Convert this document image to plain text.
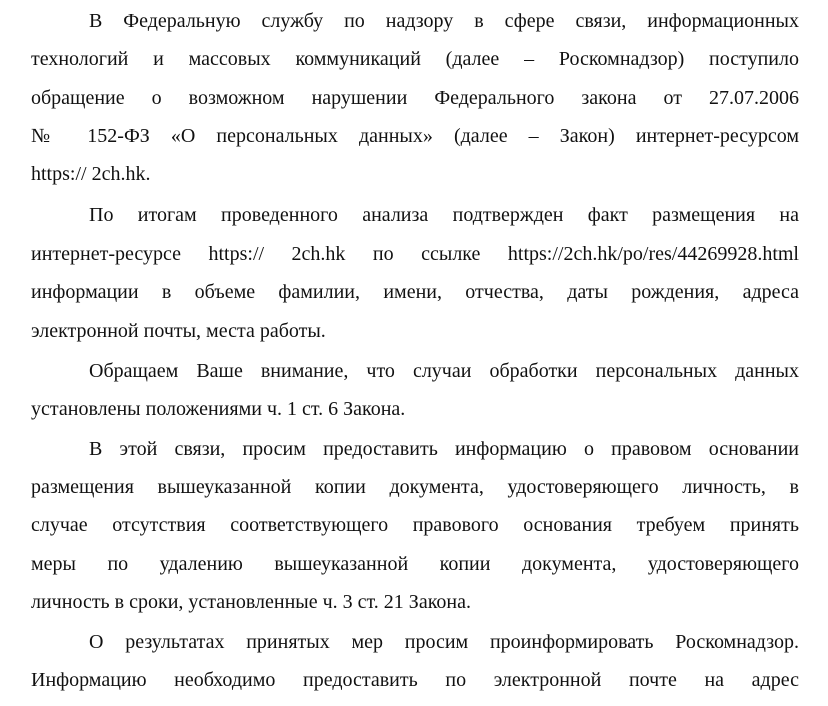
В Федеральную службу по надзору в сфере связи, информационных
технологий и массовых коммуникаций (далее – Роскомнадзор) поступило
обращение о возможном нарушении Федерального закона от 27.07.2006
№ 152-ФЗ «О персональных данных» (далее – Закон) интернет-ресурсом
https:// 2ch.hk.
По итогам проведенного анализа подтвержден факт размещения на
интернет-ресурсе https:// 2ch.hk по ссылке https://2ch.hk/po/res/44269928.html
информации в объеме фамилии, имени, отчества, даты рождения, адреса
электронной почты, места работы.
Обращаем Ваше внимание, что случаи обработки персональных данных
установлены положениями ч. 1 ст. 6 Закона.
В этой связи, просим предоставить информацию о правовом основании
размещения вышеуказанной копии документа, удостоверяющего личность, в
случае отсутствия соответствующего правового основания требуем принять
меры по удалению вышеуказанной копии документа, удостоверяющего
личность в сроки, установленные ч. 3 ст. 21 Закона.
О результатах принятых мер просим проинформировать Роскомнадзор.
Информацию необходимо предоставить по электронной почте на адрес
